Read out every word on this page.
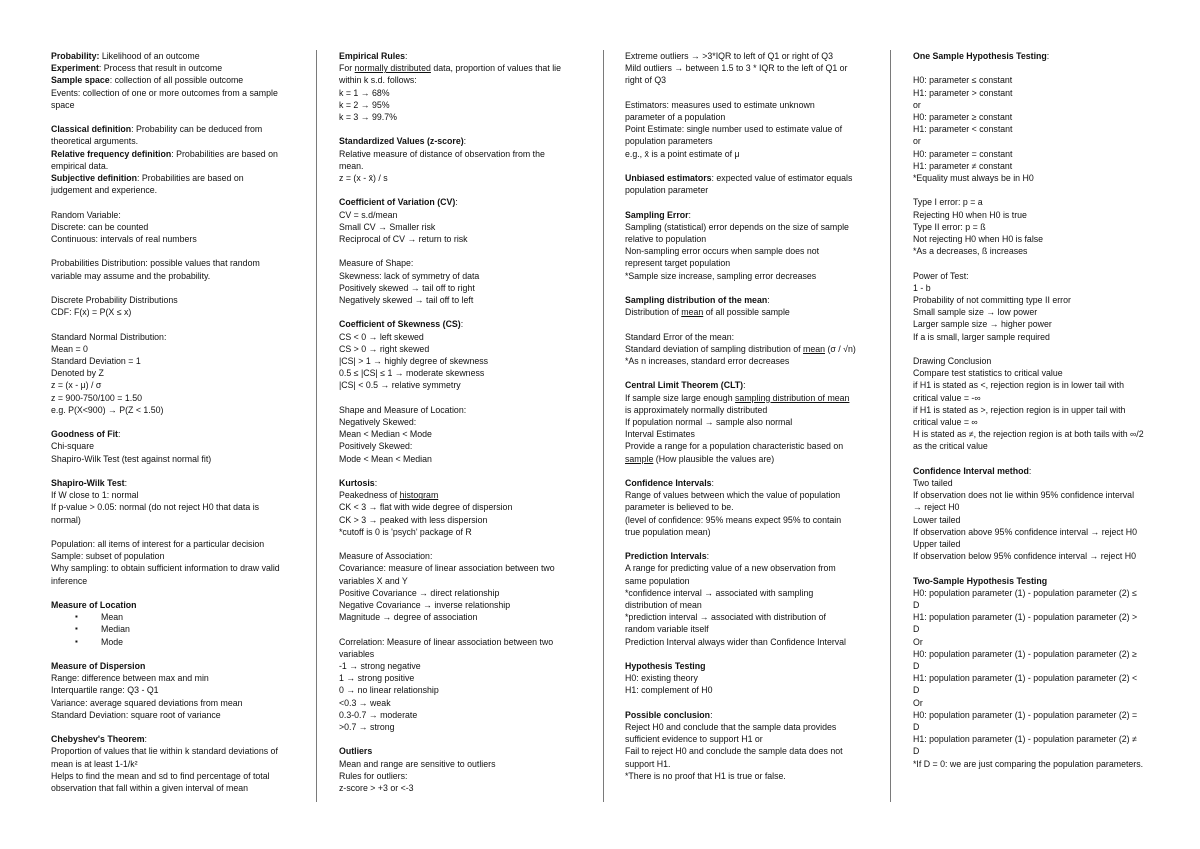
Probability: Likelihood of an outcome
Experiment: Process that result in outcome
Sample space: collection of all possible outcome
Events: collection of one or more outcomes from a sample space
Classical definition: Probability can be deduced from theoretical arguments.
Relative frequency definition: Probabilities are based on empirical data.
Subjective definition: Probabilities are based on judgement and experience.
Random Variable:
Discrete: can be counted
Continuous: intervals of real numbers
Probabilities Distribution: possible values that random variable may assume and the probability.
Discrete Probability Distributions
CDF: F(x) = P(X ≤ x)
Standard Normal Distribution:
Mean = 0
Standard Deviation = 1
Denoted by Z
z = (x - μ) / σ
z = 900-750/100 = 1.50
e.g. P(X<900) → P(Z < 1.50)
Goodness of Fit:
Chi-square
Shapiro-Wilk Test (test against normal fit)
Shapiro-Wilk Test:
If W close to 1: normal
If p-value > 0.05: normal (do not reject H0 that data is normal)
Population: all items of interest for a particular decision
Sample: subset of population
Why sampling: to obtain sufficient information to draw valid inference
Measure of Location
▪ Mean
▪ Median
▪ Mode
Measure of Dispersion
Range: difference between max and min
Interquartile range: Q3 - Q1
Variance: average squared deviations from mean
Standard Deviation: square root of variance
Chebyshev's Theorem:
Proportion of values that lie within k standard deviations of mean is at least 1-1/k²
Helps to find the mean and sd to find percentage of total observation that fall within a given interval of mean
Empirical Rules:
For normally distributed data, proportion of values that lie within k s.d. follows:
k = 1 → 68%
k = 2 → 95%
k = 3 → 99.7%
Standardized Values (z-score):
Relative measure of distance of observation from the mean.
z = (x - x̄) / s
Coefficient of Variation (CV):
CV = s.d/mean
Small CV → Smaller risk
Reciprocal of CV → return to risk
Measure of Shape:
Skewness: lack of symmetry of data
Positively skewed → tail off to right
Negatively skewed → tail off to left
Coefficient of Skewness (CS):
CS < 0 → left skewed
CS > 0 → right skewed
|CS| > 1 → highly degree of skewness
0.5 ≤ |CS| ≤ 1 → moderate skewness
|CS| < 0.5 → relative symmetry
Shape and Measure of Location:
Negatively Skewed:
Mean < Median < Mode
Positively Skewed:
Mode < Mean < Median
Kurtosis:
Peakedness of histogram
CK < 3 → flat with wide degree of dispersion
CK > 3 → peaked with less dispersion
*cutoff is 0 is 'psych' package of R
Measure of Association:
Covariance: measure of linear association between two variables X and Y
Positive Covariance → direct relationship
Negative Covariance → inverse relationship
Magnitude → degree of association
Correlation: Measure of linear association between two variables
-1 → strong negative
1 → strong positive
0 → no linear relationship
<0.3 → weak
0.3-0.7 → moderate
>0.7 → strong
Outliers
Mean and range are sensitive to outliers
Rules for outliers:
z-score > +3 or <-3
Extreme outliers → >3*IQR to left of Q1 or right of Q3
Mild outliers → between 1.5 to 3 * IQR to the left of Q1 or right of Q3
Estimators: measures used to estimate unknown parameter of a population
Point Estimate: single number used to estimate value of population parameters
e.g., x̄ is a point estimate of μ
Unbiased estimators: expected value of estimator equals population parameter
Sampling Error:
Sampling (statistical) error depends on the size of sample relative to population
Non-sampling error occurs when sample does not represent target population
*Sample size increase, sampling error decreases
Sampling distribution of the mean:
Distribution of mean of all possible sample
Standard Error of the mean:
Standard deviation of sampling distribution of mean (σ / √n)
*As n increases, standard error decreases
Central Limit Theorem (CLT):
If sample size large enough sampling distribution of mean is approximately normally distributed
If population normal → sample also normal
Interval Estimates
Provide a range for a population characteristic based on sample (How plausible the values are)
Confidence Intervals:
Range of values between which the value of population parameter is believed to be.
(level of confidence: 95% means expect 95% to contain true population mean)
Prediction Intervals:
A range for predicting value of a new observation from same population
*confidence interval → associated with sampling distribution of mean
*prediction interval → associated with distribution of random variable itself
Prediction Interval always wider than Confidence Interval
Hypothesis Testing
H0: existing theory
H1: complement of H0
Possible conclusion:
Reject H0 and conclude that the sample data provides sufficient evidence to support H1 or
Fail to reject H0 and conclude the sample data does not support H1.
*There is no proof that H1 is true or false.
One Sample Hypothesis Testing:
H0: parameter ≤ constant
H1: parameter > constant
or
H0: parameter ≥ constant
H1: parameter < constant
or
H0: parameter = constant
H1: parameter ≠ constant
*Equality must always be in H0
Type I error: p = a
Rejecting H0 when H0 is true
Type II error: p = ß
Not rejecting H0 when H0 is false
*As a decreases, ß increases
Power of Test:
1 - b
Probability of not committing type II error
Small sample size → low power
Larger sample size → higher power
If a is small, larger sample required
Drawing Conclusion
Compare test statistics to critical value
if H1 is stated as <, rejection region is in lower tail with critical value = -∞
if H1 is stated as >, rejection region is in upper tail with critical value = ∞
H is stated as ≠, the rejection region is at both tails with ∞/2 as the critical value
Confidence Interval method:
Two tailed
If observation does not lie within 95% confidence interval → reject H0
Lower tailed
If observation above 95% confidence interval → reject H0
Upper tailed
If observation below 95% confidence interval → reject H0
Two-Sample Hypothesis Testing
H0: population parameter (1) - population parameter (2) ≤ D
H1: population parameter (1) - population parameter (2) > D
Or
H0: population parameter (1) - population parameter (2) ≥ D
H1: population parameter (1) - population parameter (2) < D
Or
H0: population parameter (1) - population parameter (2) = D
H1: population parameter (1) - population parameter (2) ≠ D
*If D = 0: we are just comparing the population parameters.
